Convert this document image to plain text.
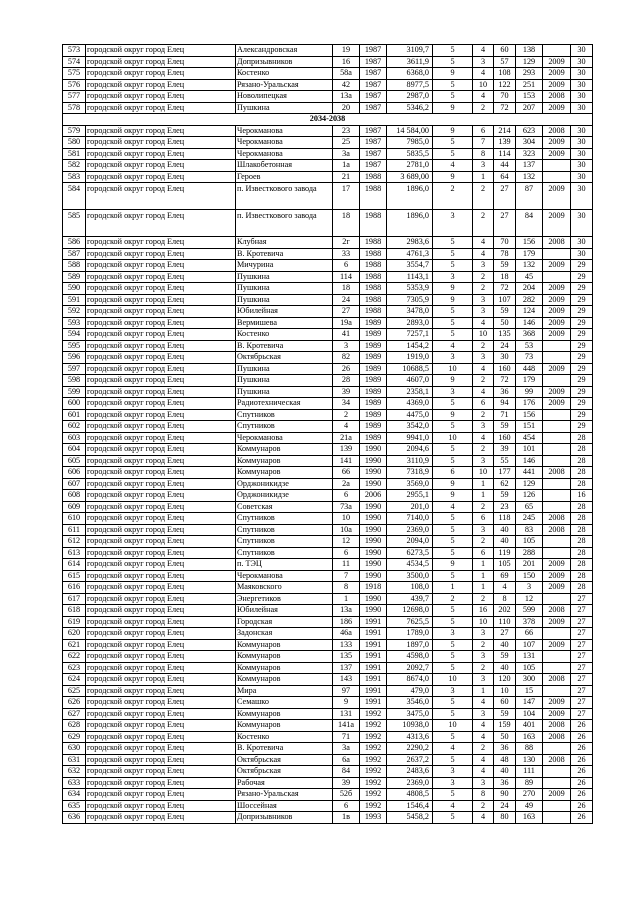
573	городской округ город Елец	Александровская	19	1987	3109,7	5	4	60	138		30
574	городской округ город Елец	Допризывников	16	1987	3611,9	5	3	57	129	2009	30
575	городской округ город Елец	Костенко	58а	1987	6368,0	9	4	108	293	2009	30
576	городской округ город Елец	Рязано-Уральская	42	1987	8977,5	5	10	122	251	2009	30
577	городской округ город Елец	Новолипецкая	13а	1987	2987,0	5	4	70	153	2008	30
578	городской округ город Елец	Пушкина	20	1987	5346,2	9	2	72	207	2009	30
2034-2038											
579	городской округ город Елец	Черокманова	23	1987	14 584,00	9	6	214	623	2008	30
580	городской округ город Елец	Черокманова	25	1987	7985,0	5	7	139	304	2009	30
581	городской округ город Елец	Черокманова	3а	1987	5835,5	5	8	114	323	2009	30
582	городской округ город Елец	Шлакобетонная	1а	1987	2781,0	4	3	44	137		30
583	городской округ город Елец	Героев	21	1988	3 689,00	9	1	64	132		30
584	городской округ город Елец	п. Известкового завода	17	1988	1896,0	2	2	27	87	2009	30
585	городской округ город Елец	п. Известкового завода	18	1988	1896,0	3	2	27	84	2009	30
586	городской округ город Елец	Клубная	2г	1988	2983,6	5	4	70	156	2008	30
587	городской округ город Елец	В. Кротевича	33	1988	4761,3	5	4	78	179		30
588	городской округ город Елец	Мичурина	6	1988	3554,7	5	3	59	132	2009	29
589	городской округ город Елец	Пушкина	114	1988	1143,1	3	2	18	45		29
590	городской округ город Елец	Пушкина	18	1988	5353,9	9	2	72	204	2009	29
591	городской округ город Елец	Пушкина	24	1988	7305,9	9	3	107	282	2009	29
592	городской округ город Елец	Юбилейная	27	1988	3478,0	5	3	59	124	2009	29
593	городской округ город Елец	Вермишева	19а	1989	2893,0	5	4	50	146	2009	29
594	городской округ город Елец	Костенко	41	1989	7257,1	5	10	135	368	2009	29
595	городской округ город Елец	В. Кротевича	3	1989	1454,2	4	2	24	53		29
596	городской округ город Елец	Октябрьская	82	1989	1919,0	3	3	30	73		29
597	городской округ город Елец	Пушкина	26	1989	10688,5	10	4	160	448	2009	29
598	городской округ город Елец	Пушкина	28	1989	4607,0	9	2	72	179		29
599	городской округ город Елец	Пушкина	39	1989	2358,1	3	4	36	99	2009	29
600	городской округ город Елец	Радиотехническая	34	1989	4369,0	5	6	94	176	2009	29
601	городской округ город Елец	Спутников	2	1989	4475,0	9	2	71	156		29
602	городской округ город Елец	Спутников	4	1989	3542,0	5	3	59	151		29
603	городской округ город Елец	Черокманова	21а	1989	9941,0	10	4	160	454		28
604	городской округ город Елец	Коммунаров	139	1990	2094,6	5	2	39	101		28
605	городской округ город Елец	Коммунаров	141	1990	3110,9	5	3	55	146		28
606	городской округ город Елец	Коммунаров	66	1990	7318,9	6	10	177	441	2008	28
607	городской округ город Елец	Орджоникидзе	2а	1990	3569,0	9	1	62	129		28
608	городской округ город Елец	Орджоникидзе	6	2006	2955,1	9	1	59	126		16
609	городской округ город Елец	Советская	73а	1990	201,0	4	2	23	65		28
610	городской округ город Елец	Спутников	10	1990	7140,0	5	6	118	245	2008	28
611	городской округ город Елец	Спутников	10а	1990	2369,0	5	3	40	83	2008	28
612	городской округ город Елец	Спутников	12	1990	2094,0	5	2	40	105		28
613	городской округ город Елец	Спутников	6	1990	6273,5	5	6	119	288		28
614	городской округ город Елец	п. ТЭЦ	11	1990	4534,5	9	1	105	201	2009	28
615	городской округ город Елец	Черокманова	7	1990	3500,0	5	1	69	150	2009	28
616	городской округ город Елец	Маяковского	8	1918	108,0	1	1	4	3	2009	28
617	городской округ город Елец	Энергетиков	1	1990	439,7	2	2	8	12		27
618	городской округ город Елец	Юбилейная	13а	1990	12698,0	5	16	202	599	2008	27
619	городской округ город Елец	Городская	186	1991	7625,5	5	10	110	378	2009	27
620	городской округ город Елец	Задонская	46а	1991	1789,0	3	3	27	66		27
621	городской округ город Елец	Коммунаров	133	1991	1897,0	5	2	40	107	2009	27
622	городской округ город Елец	Коммунаров	135	1991	4598,0	5	3	59	131		27
623	городской округ город Елец	Коммунаров	137	1991	2092,7	5	2	40	105		27
624	городской округ город Елец	Коммунаров	143	1991	8674,0	10	3	120	300	2008	27
625	городской округ город Елец	Мира	97	1991	479,0	3	1	10	15		27
626	городской округ город Елец	Семашко	9	1991	3546,0	5	4	60	147	2009	27
627	городской округ город Елец	Коммунаров	131	1992	3475,0	5	3	59	104	2009	27
628	городской округ город Елец	Коммунаров	141а	1992	10938,0	10	4	159	401	2008	26
629	городской округ город Елец	Костенко	71	1992	4313,6	5	4	50	163	2008	26
630	городской округ город Елец	В. Кротевича	3а	1992	2290,2	4	2	36	88		26
631	городской округ город Елец	Октябрьская	6а	1992	2637,2	5	4	48	130	2008	26
632	городской округ город Елец	Октябрьская	84	1992	2483,6	3	4	40	111		26
633	городской округ город Елец	Рабочая	39	1992	2369,0	3	3	36	89		26
634	городской округ город Елец	Рязано-Уральская	52б	1992	4808,5	5	8	90	270	2009	26
635	городской округ город Елец	Шоссейная	6	1992	1546,4	4	2	24	49		26
636	городской округ город Елец	Допризывников	1в	1993	5458,2	5	4	80	163		26
